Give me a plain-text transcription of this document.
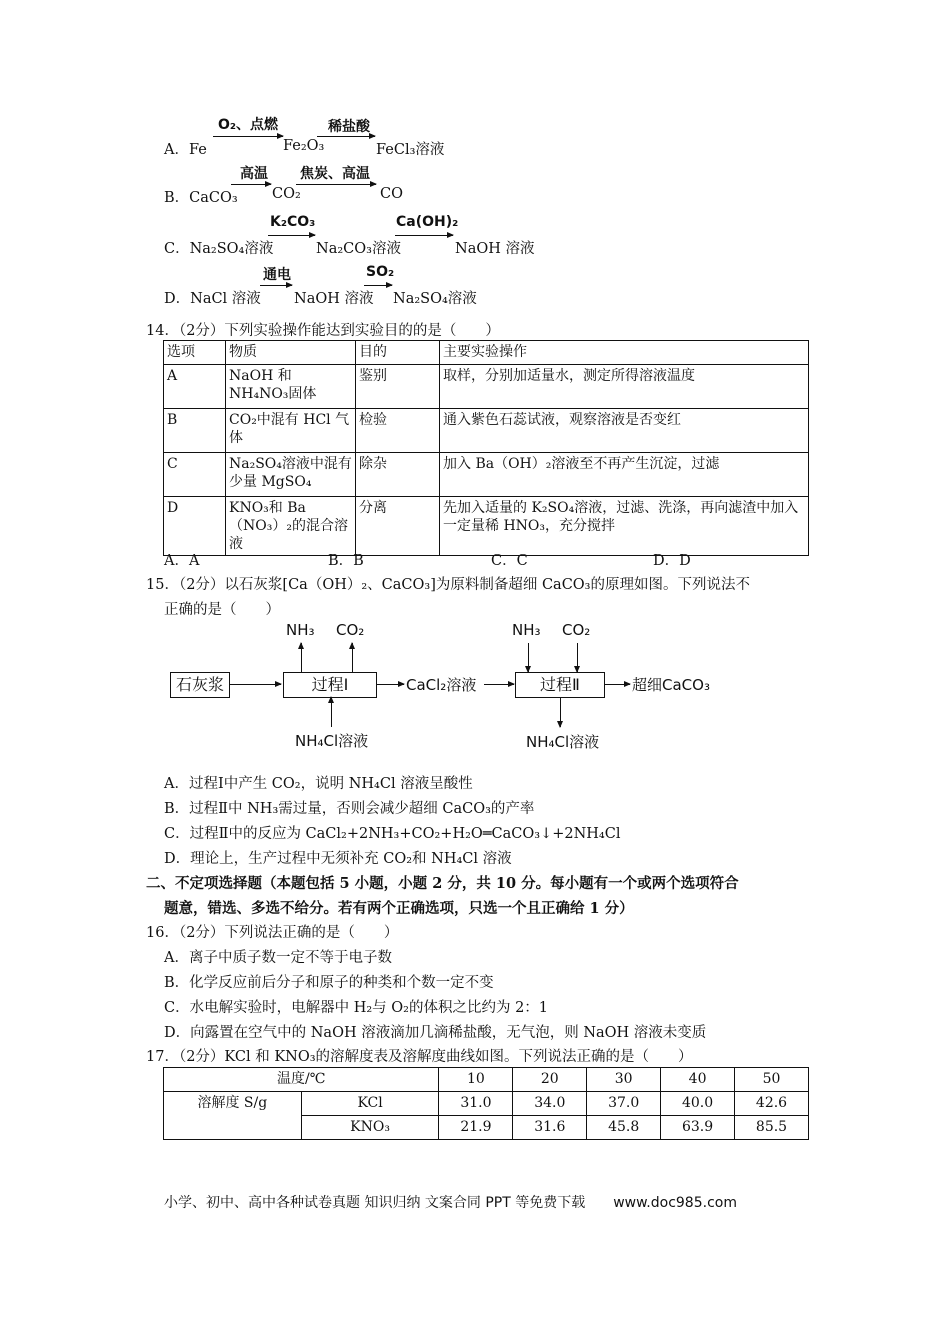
A．Fe
O₂、点燃
Fe₂O₃
稀盐酸
FeCl₃溶液
B．CaCO₃
高温
CO₂
焦炭、高温
CO
C．Na₂SO₄溶液
K₂CO₃
Na₂CO₃溶液
Ca(OH)₂
NaOH 溶液
D．NaCl 溶液
通电
NaOH 溶液
SO₂
Na₂SO₄溶液
14．（2分）下列实验操作能达到实验目的的是（　　）
选项	物质	目的	主要实验操作
A	NaOH 和 NH₄NO₃固体	鉴别	取样，分别加适量水，测定所得溶液温度
B	CO₂中混有 HCl 气体	检验	通入紫色石蕊试液，观察溶液是否变红
C	Na₂SO₄溶液中混有少量 MgSO₄	除杂	加入 Ba（OH）₂溶液至不再产生沉淀，过滤
D	KNO₃和 Ba（NO₃）₂的混合溶液	分离	先加入适量的 K₂SO₄溶液，过滤、洗涤，再向滤渣中加入一定量稀 HNO₃，充分搅拌
A．A	B．B	C．C	D．D
15．（2分）以石灰浆[Ca（OH）₂、CaCO₃]为原料制备超细 CaCO₃的原理如图。下列说法不
正确的是（　　）
石灰浆	过程Ⅰ
NH₃ CO₂
NH₄Cl溶液
CaCl₂溶液	过程Ⅱ
NH₃ CO₂
NH₄Cl溶液
超细CaCO₃
A．过程Ⅰ中产生 CO₂，说明 NH₄Cl 溶液呈酸性
B．过程Ⅱ中 NH₃需过量，否则会减少超细 CaCO₃的产率
C．过程Ⅱ中的反应为 CaCl₂+2NH₃+CO₂+H₂O═CaCO₃↓+2NH₄Cl
D．理论上，生产过程中无须补充 CO₂和 NH₄Cl 溶液
二、不定项选择题（本题包括 5 小题，小题 2 分，共 10 分。每小题有一个或两个选项符合
题意，错选、多选不给分。若有两个正确选项，只选一个且正确给 1 分）
16．（2分）下列说法正确的是（　　）
A．离子中质子数一定不等于电子数
B．化学反应前后分子和原子的种类和个数一定不变
C．水电解实验时，电解器中 H₂与 O₂的体积之比约为 2：1
D．向露置在空气中的 NaOH 溶液滴加几滴稀盐酸，无气泡，则 NaOH 溶液未变质
17．（2分）KCl 和 KNO₃的溶解度表及溶解度曲线如图。下列说法正确的是（　　）
温度/℃		10	20	30	40	50
溶解度 S/g	KCl	31.0	34.0	37.0	40.0	42.6
	KNO₃	21.9	31.6	45.8	63.9	85.5
小学、初中、高中各种试卷真题 知识归纳 文案合同 PPT 等免费下载　　www.doc985.com
